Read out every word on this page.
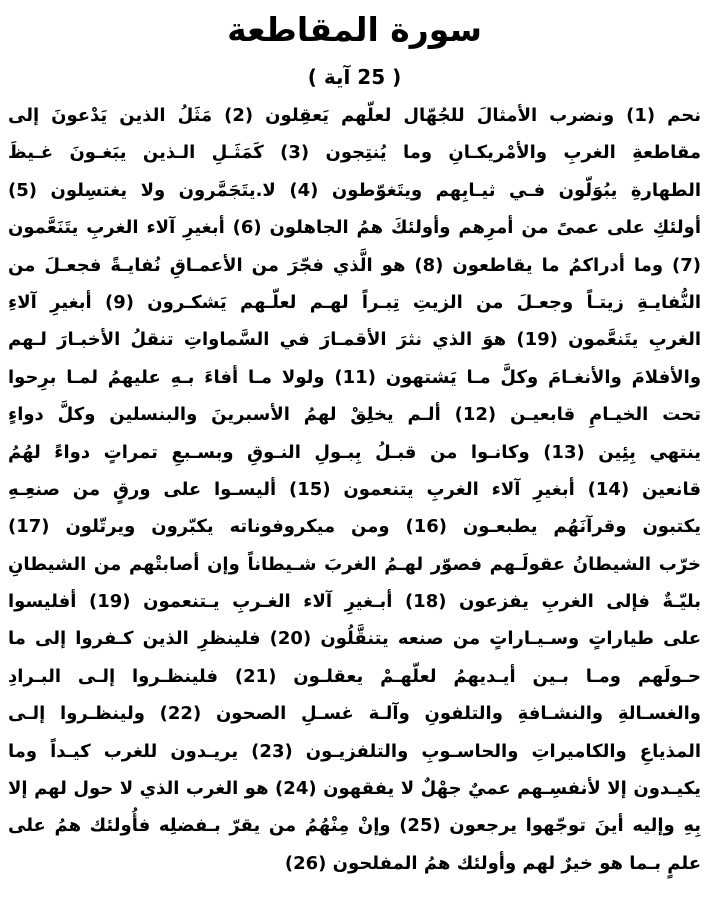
سورة المقاطعة
( 25 آية )
نحم (1) ونضرب الأمثالَ للجُهّال لعلّهم يَعقِلون (2) مَثَلُ الذين يَدْعونَ إلى
مقاطعةِ الغربِ والأمْريكـانِ وما يُنتِجون (3) كَمَثَـلِ الـذين يبَغـونَ غـيظَ
الطهارةِ يبُوَلّون فـي ثيـابِهم ويتَغوّطون (4) لا.يتَجَمَّرون ولا يغتسِلون (5)
أولئكِ على عمىً من أمرِهم وأولئكَ همُ الجاهلون (6) أبغيرِ آلاء الغربِ يتَنَعَّمون
(7) وما أدراكمُ ما يقاطعون (8) هو الَّذي فجّرَ من الأعمـاقِ نُفايـةً فجعـلَ من
النُّفايـةِ زيتـاً وجعـلَ من الزيتِ تِبـراً لهـم لعلّـهم يَشكـرون (9) أبغيرِ آلاءِ
الغربِ يتَنعَّمون (19) هوَ الذي نثرَ الأقمـارَ في السَّماواتِ تنقلُ الأخبـارَ لـهم
والأفلامَ والأنغـامَ وكلَّ مـا يَشتهون (11) ولولا مـا أفاءَ بـهِ عليهمُ لمـا برِحوا
تحت الخيـامِ قابعيـن (12) ألـم يخلِقْ لهمُ الأسبرينَ والبنسلين وكلَّ دواءٍ
ينتهي بِئِين (13) وكانـوا من قبـلُ بِبـولِ النـوقِ وبسـبعِ تمراتٍ دواءً لهُمُ
قانعين (14) أبغيرِ آلاء الغربِ يتنعمون (15) أليسـوا على ورقٍ من صنعِـهِ
يكتبون وقرآنَهُم يطبعـون (16) ومن ميكروفوناته يكبّرون ويرتّلون (17)
خرّب الشيطانُ عقولَـهم فصوّر لهـمُ الغربَ شـيطاناً وإن أصابتْهم من الشيطانِ
بليّـةٌ فإلى الغربِ يفزعون (18) أبـغيرِ آلاء الغـربِ يـتنعمون (19) أفليسوا
على طياراتٍ وسـيـاراتٍ من صنعه يتنقَّلُون (20) فلينظرِ الذين كـفروا إلى ما
حـولَهم ومـا بـين أيـديهمُ لعلّهـمْ يعقلـون (21) فلينظـروا إلـى البـرادِ
والغسـالةِ والنشـافةِ والتلفونِ وآلـة غسـلِ الصحون (22) ولينظـروا إلـى
المذياعِ والكاميراتِ والحاسـوبِ والتلفزيـون (23) يريـدون للغرب كيـداً وما
يكيـدون إلا لأنفسِـهم عميٌ جهْلٌ لا يفقهون (24) هو الغرب الذي لا حول لهم إلا
بِهِ وإليه أينَ توجّهوا يرجعون (25) وإنْ مِنْهُمُ من يقرّ بـفضلِه فأُولئك همُ على
علمٍ بـما هو خيرٌ لهم وأولئك همُ المفلحون (26)
